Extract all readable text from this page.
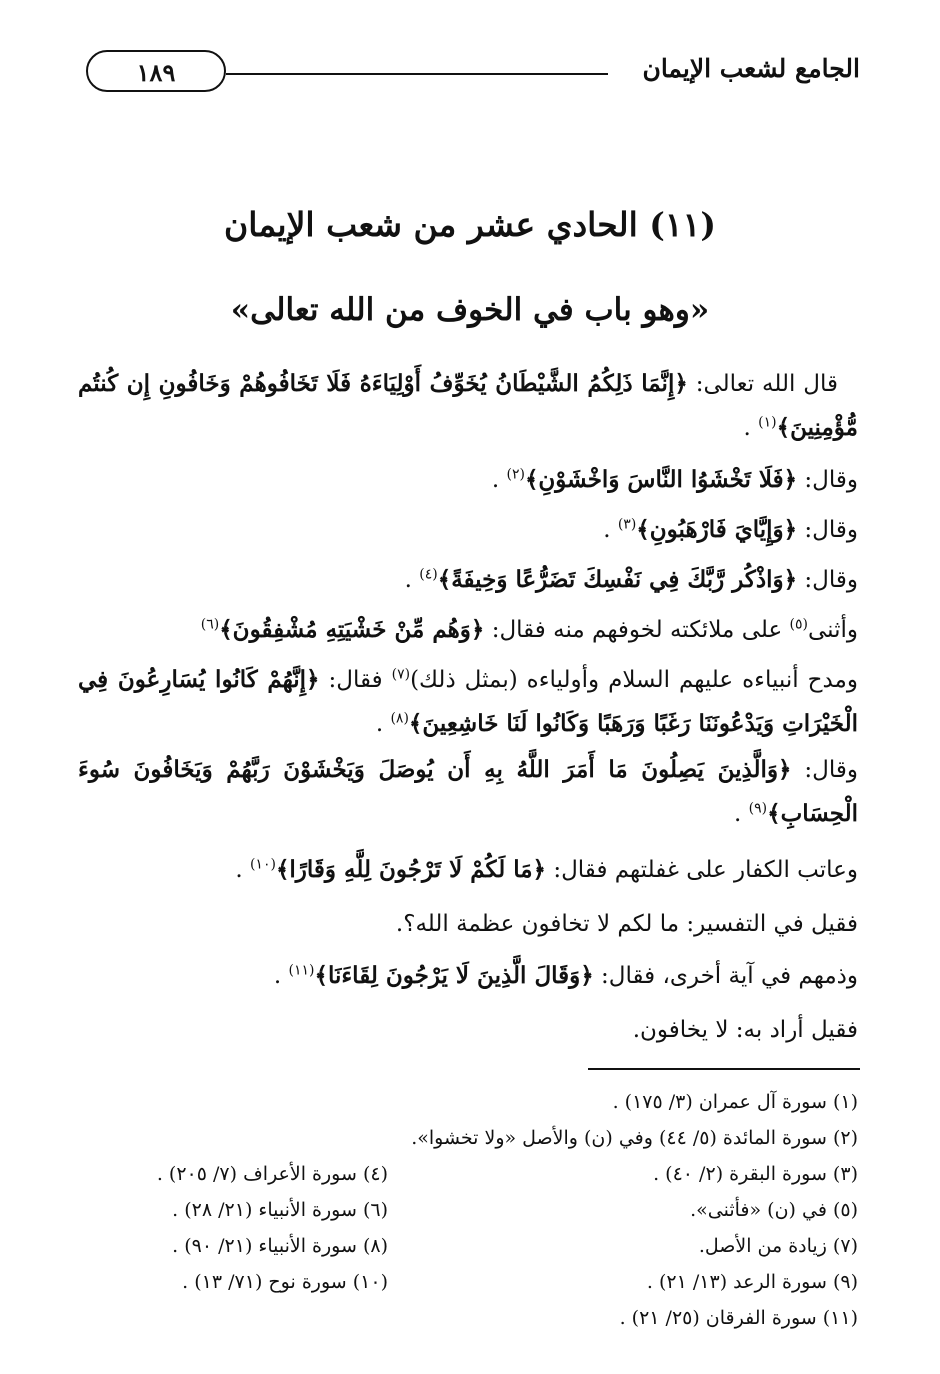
الجامع لشعب الإيمان
١٨٩
(١١) الحادي عشر من شعب الإيمان
«وهو باب في الخوف من الله تعالى»
قال الله تعالى: ﴿إِنَّمَا ذَلِكُمُ الشَّيْطَانُ يُخَوِّفُ أَوْلِيَاءَهُ فَلَا تَخَافُوهُمْ وَخَافُونِ إِن كُنتُم مُّؤْمِنِينَ﴾$^{(١)}$ .
وقال: ﴿فَلَا تَخْشَوُا النَّاسَ وَاخْشَوْنِ﴾$^{(٢)}$ .
وقال: ﴿وَإِيَّايَ فَارْهَبُونِ﴾$^{(٣)}$ .
وقال: ﴿وَاذْكُر رَّبَّكَ فِي نَفْسِكَ تَضَرُّعًا وَخِيفَةً﴾$^{(٤)}$ .
وأثنى$^{(٥)}$ على ملائكته لخوفهم منه فقال: ﴿وَهُم مِّنْ خَشْيَتِهِ مُشْفِقُونَ﴾$^{(٦)}$
ومدح أنبياءه عليهم السلام وأولياءه (بمثل ذلك)$^{(٧)}$ فقال: ﴿إِنَّهُمْ كَانُوا يُسَارِعُونَ فِي الْخَيْرَاتِ وَيَدْعُونَنَا رَغَبًا وَرَهَبًا وَكَانُوا لَنَا خَاشِعِينَ﴾$^{(٨)}$ .
وقال: ﴿وَالَّذِينَ يَصِلُونَ مَا أَمَرَ اللَّهُ بِهِ أَن يُوصَلَ وَيَخْشَوْنَ رَبَّهُمْ وَيَخَافُونَ سُوءَ الْحِسَابِ﴾$^{(٩)}$ .
وعاتب الكفار على غفلتهم فقال: ﴿مَا لَكُمْ لَا تَرْجُونَ لِلَّهِ وَقَارًا﴾$^{(١٠)}$ .
فقيل في التفسير: ما لكم لا تخافون عظمة الله؟.
وذمهم في آية أخرى، فقال: ﴿وَقَالَ الَّذِينَ لَا يَرْجُونَ لِقَاءَنَا﴾$^{(١١)}$ .
فقيل أراد به: لا يخافون.
(١) سورة آل عمران (٣/ ١٧٥) .
(٢) سورة المائدة (٥/ ٤٤) وفي (ن) والأصل «ولا تخشوا».
(٣) سورة البقرة (٢/ ٤٠) .
(٤) سورة الأعراف (٧/ ٢٠٥) .
(٥) في (ن) «فأثنى».
(٦) سورة الأنبياء (٢١/ ٢٨) .
(٧) زيادة من الأصل.
(٨) سورة الأنبياء (٢١/ ٩٠) .
(٩) سورة الرعد (١٣/ ٢١) .
(١٠) سورة نوح (٧١/ ١٣) .
(١١) سورة الفرقان (٢٥/ ٢١) .
